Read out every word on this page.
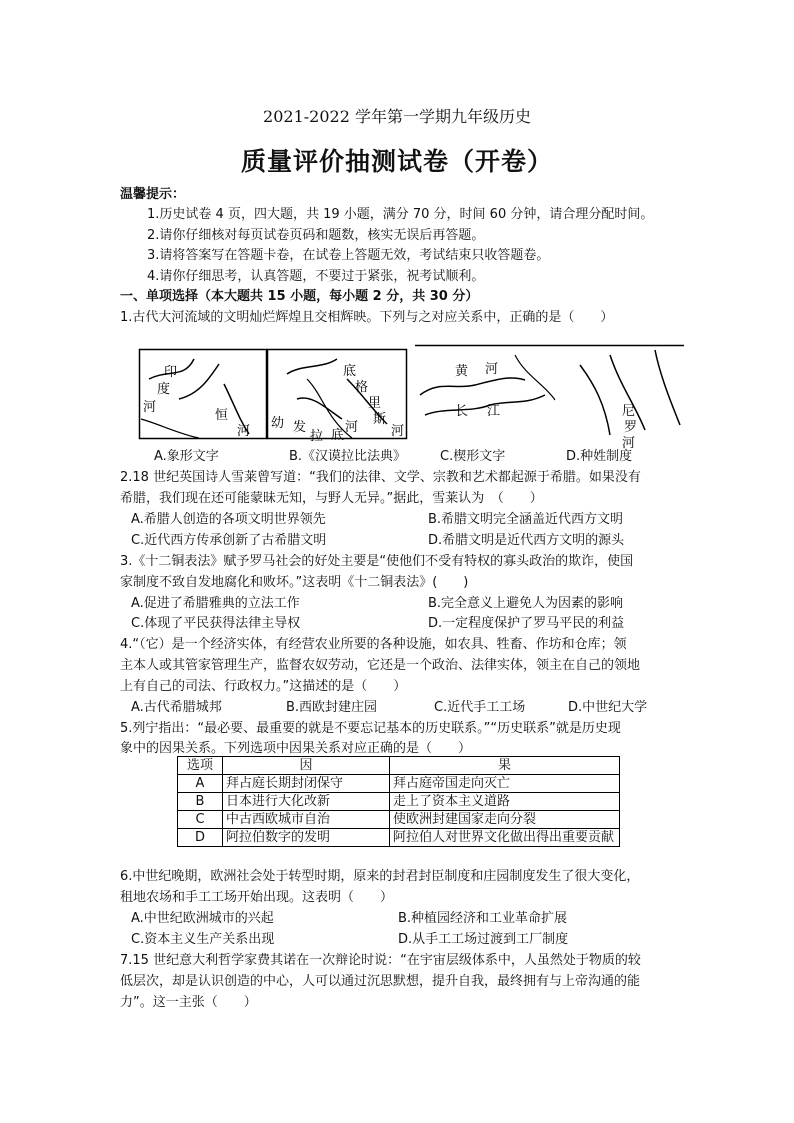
2021-2022 学年第一学期九年级历史
质量评价抽测试卷（开卷）
温馨提示：
1.历史试卷 4 页，四大题，共 19 小题，满分 70 分，时间 60 分钟，请合理分配时间。
2.请你仔细核对每页试卷页码和题数，核实无误后再答题。
3.请将答案写在答题卡卷，在试卷上答题无效，考试结束只收答题卷。
4.请你仔细思考，认真答题，不要过于紧张，祝考试顺利。
一、单项选择（本大题共 15 小题，每小题 2 分，共 30 分）
1.古代大河流域的文明灿烂辉煌且交相辉映。下列与之对应关系中，正确的是（　　）
印
度
河
恒
河
幼 发
拉 底
河
底
格
里
斯
河
黄 河
长 江	尼
罗
河
A.象形文字	B.《汉谟拉比法典》	C.楔形文字	D.种姓制度
2.18 世纪英国诗人雪莱曾写道：“我们的法律、文学、宗教和艺术都起源于希腊。如果没有
希腊，我们现在还可能蒙昧无知，与野人无异。”据此，雪莱认为　（　　）
A.希腊人创造的各项文明世界领先	B.希腊文明完全涵盖近代西方文明
C.近代西方传承创新了古希腊文明	D.希腊文明是近代西方文明的源头
3.《十二铜表法》赋予罗马社会的好处主要是“使他们不受有特权的寡头政治的欺诈，使国
家制度不致自发地腐化和败坏。”这表明《十二铜表法》(　　)
A.促进了希腊雅典的立法工作	B.完全意义上避免人为因素的影响
C.体现了平民获得法律主导权	D.一定程度保护了罗马平民的利益
4.“（它）是一个经济实体，有经营农业所要的各种设施，如农具、牲畜、作坊和仓库；领
主本人或其管家管理生产，监督农奴劳动，它还是一个政治、法律实体，领主在自己的领地
上有自己的司法、行政权力。”这描述的是（　　）
A.古代希腊城邦	B.西欧封建庄园	C.近代手工工场	D.中世纪大学
5.列宁指出：“最必要、最重要的就是不要忘记基本的历史联系。”“历史联系”就是历史现
象中的因果关系。下列选项中因果关系对应正确的是（　　）
选项	因	果
A	拜占庭长期封闭保守	拜占庭帝国走向灭亡
B	日本进行大化改新	走上了资本主义道路
C	中古西欧城市自治	使欧洲封建国家走向分裂
D	阿拉伯数字的发明	阿拉伯人对世界文化做出得出重要贡献
6.中世纪晚期，欧洲社会处于转型时期，原来的封君封臣制度和庄园制度发生了很大变化，
租地农场和手工工场开始出现。这表明（　　）
A.中世纪欧洲城市的兴起	B.种植园经济和工业革命扩展
C.资本主义生产关系出现	D.从手工工场过渡到工厂制度
7.15 世纪意大利哲学家费其诺在一次辩论时说：“在宇宙层级体系中，人虽然处于物质的较
低层次，却是认识创造的中心，人可以通过沉思默想，提升自我，最终拥有与上帝沟通的能
力”。这一主张（　　）
